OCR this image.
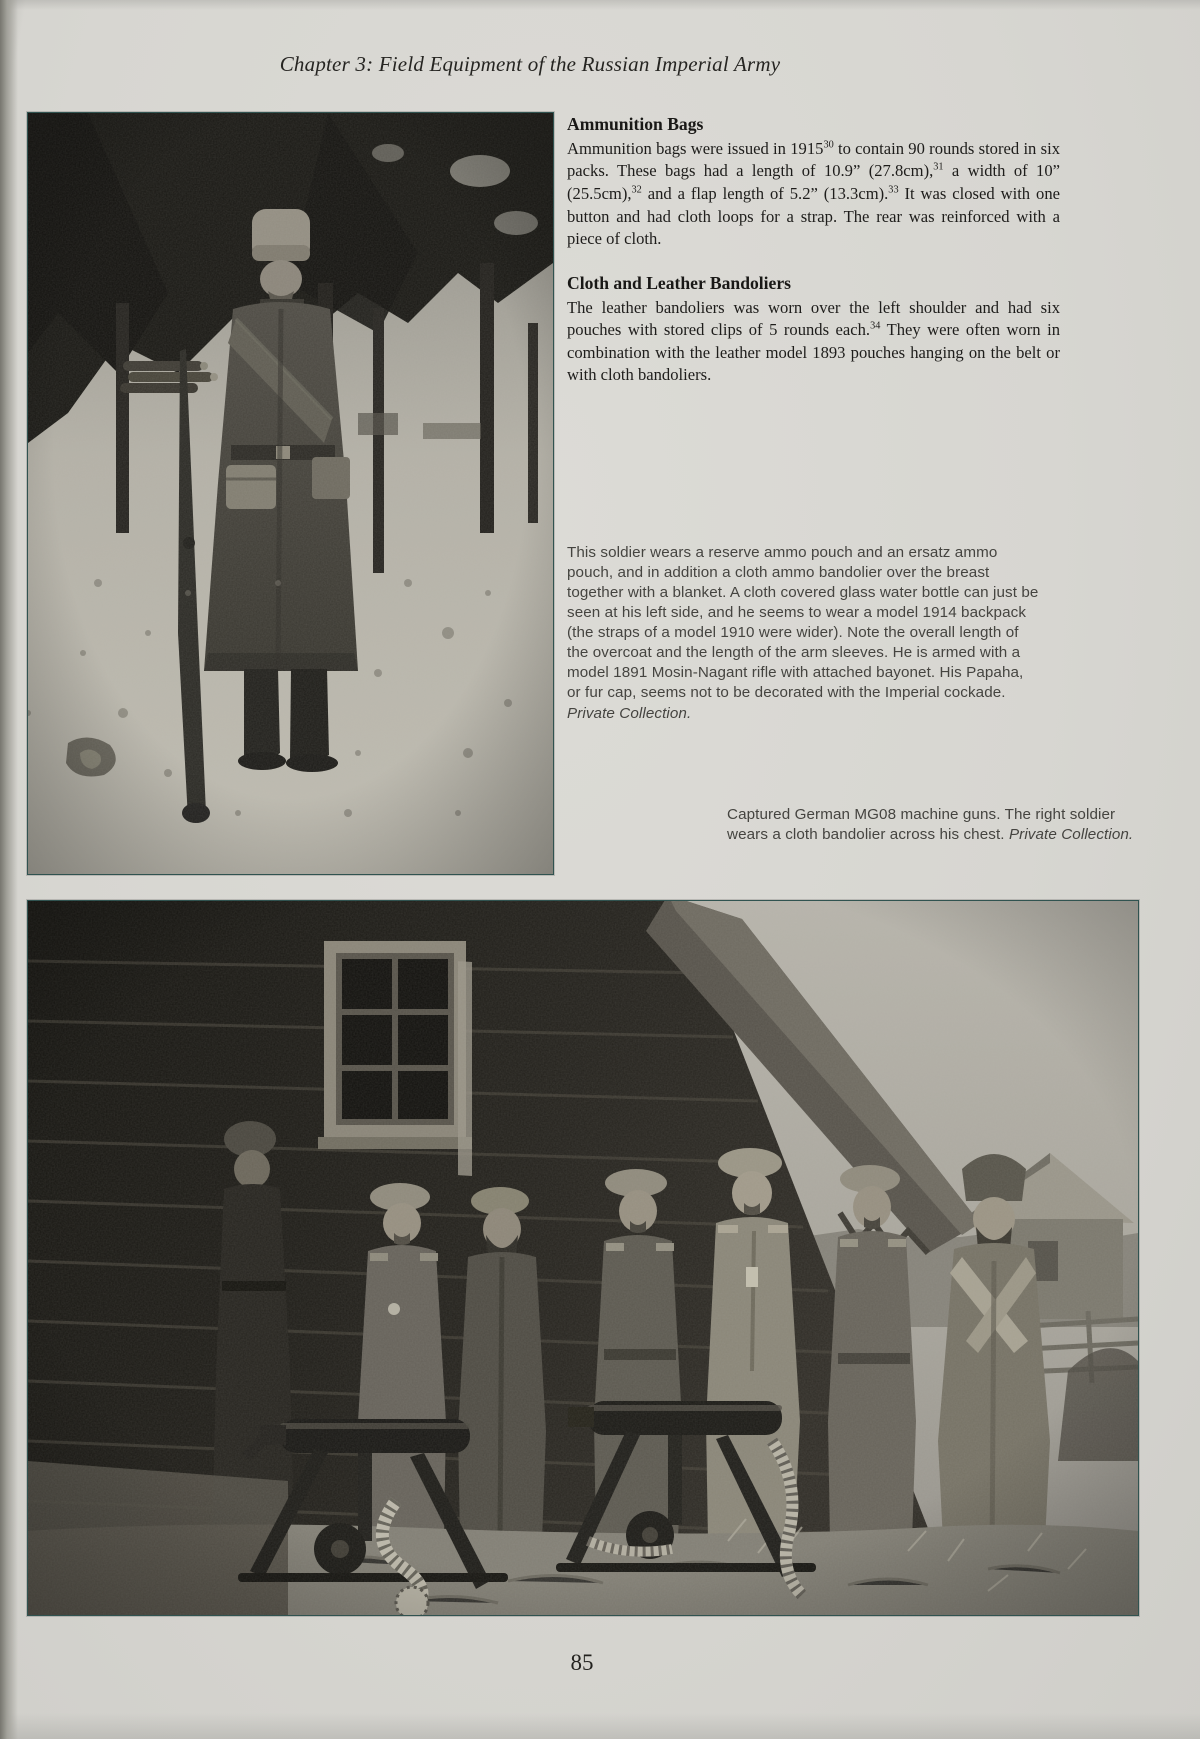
Chapter 3: Field Equipment of the Russian Imperial Army
Ammunition Bags

Ammunition bags were issued in 1915$^{30}$ to contain 90 rounds stored in six packs. These bags had a length of 10.9” (27.8cm),$^{31}$ a width of 10” (25.5cm),$^{32}$ and a flap length of 5.2” (13.3cm).$^{33}$ It was closed with one button and had cloth loops for a strap. The rear was reinforced with a piece of cloth.

Cloth and Leather Bandoliers

The leather bandoliers was worn over the left shoulder and had six pouches with stored clips of 5 rounds each.$^{34}$ They were often worn in combination with the leather model 1893 pouches hanging on the belt or with cloth bandoliers.

This soldier wears a reserve ammo pouch and an ersatz ammo pouch, and in addition a cloth ammo bandolier over the breast together with a blanket. A cloth covered glass water bottle can just be seen at his left side, and he seems to wear a model 1914 backpack (the straps of a model 1910 were wider). Note the overall length of the overcoat and the length of the arm sleeves. He is armed with a model 1891 Mosin-Nagant rifle with attached bayonet. His Papaha, or fur cap, seems not to be decorated with the Imperial cockade.
Private Collection.
Captured German MG08 machine guns. The right soldier wears a cloth bandolier across his chest. Private Collection.
85
